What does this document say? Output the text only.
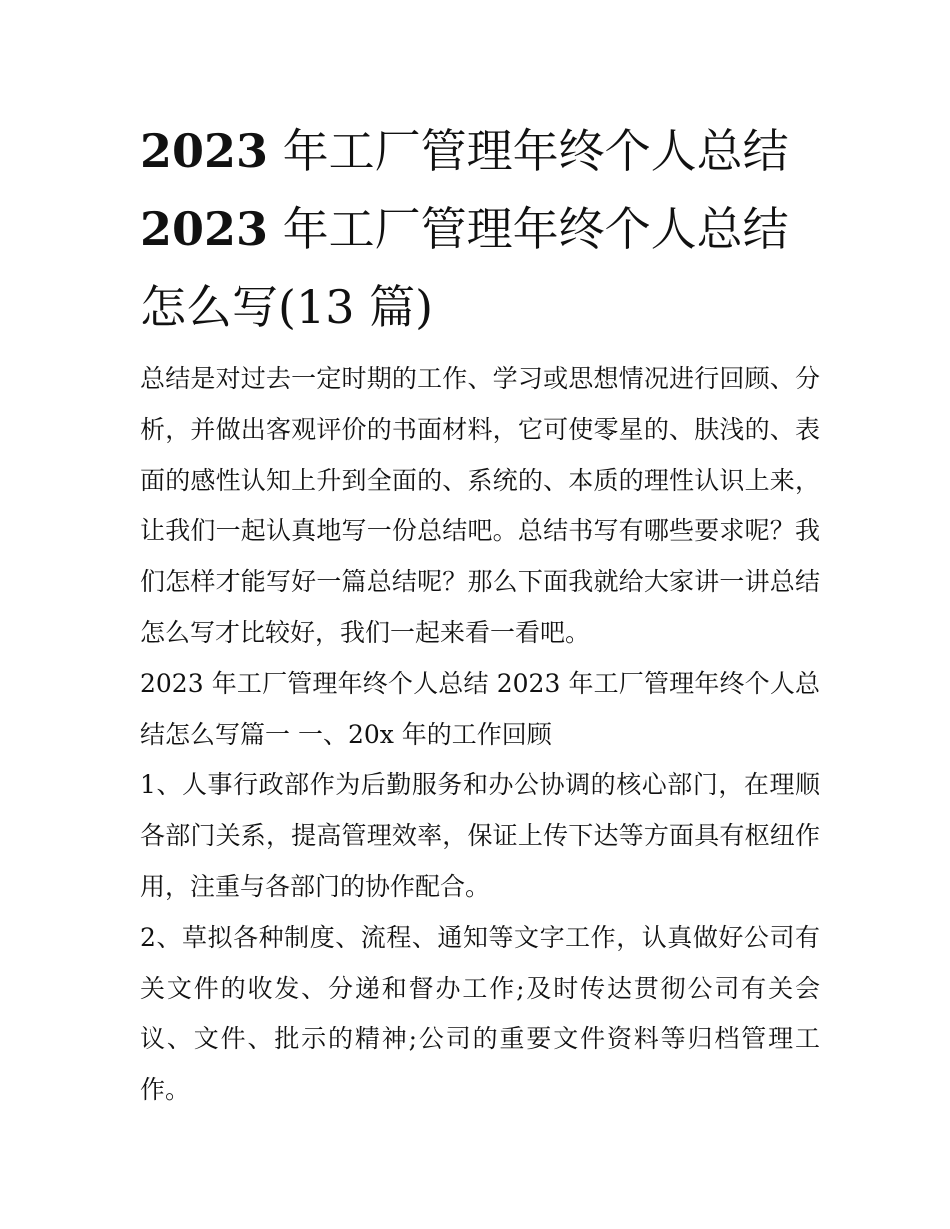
2023 年工厂管理年终个人总结
2023 年工厂管理年终个人总结
怎么写(13 篇)

总结是对过去一定时期的工作、学习或思想情况进行回顾、分析，并做出客观评价的书面材料，它可使零星的、肤浅的、表面的感性认知上升到全面的、系统的、本质的理性认识上来，让我们一起认真地写一份总结吧。总结书写有哪些要求呢？我们怎样才能写好一篇总结呢？那么下面我就给大家讲一讲总结怎么写才比较好，我们一起来看一看吧。

2023 年工厂管理年终个人总结 2023 年工厂管理年终个人总结怎么写篇一 一、20x 年的工作回顾

1、人事行政部作为后勤服务和办公协调的核心部门，在理顺各部门关系，提高管理效率，保证上传下达等方面具有枢纽作用，注重与各部门的协作配合。

2、草拟各种制度、流程、通知等文字工作，认真做好公司有关文件的收发、分递和督办工作;及时传达贯彻公司有关会议、文件、批示的精神;公司的重要文件资料等归档管理工作。
